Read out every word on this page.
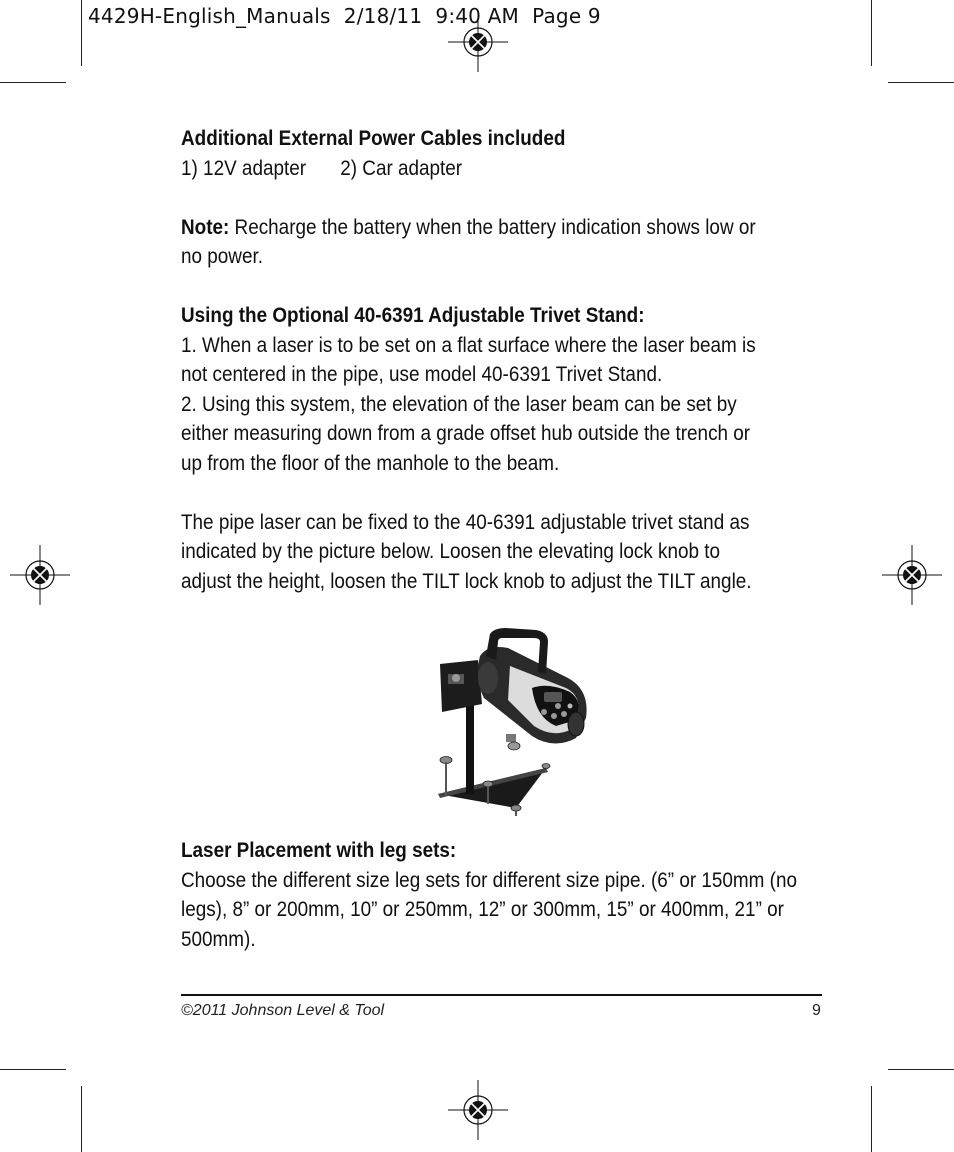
4429H-English_Manuals  2/18/11  9:40 AM  Page 9

Additional External Power Cables included

1) 12V adapter 2) Car adapter

Note: Recharge the battery when the battery indication shows low or no power.

Using the Optional 40-6391 Adjustable Trivet Stand:

1. When a laser is to be set on a flat surface where the laser beam is not centered in the pipe, use model 40-6391 Trivet Stand.

2. Using this system, the elevation of the laser beam can be set by either measuring down from a grade offset hub outside the trench or up from the floor of the manhole to the beam.

The pipe laser can be fixed to the 40-6391 adjustable trivet stand as indicated by the picture below. Loosen the elevating lock knob to adjust the height, loosen the TILT lock knob to adjust the TILT angle.

Laser Placement with leg sets:

Choose the different size leg sets for different size pipe. (6” or 150mm (no legs), 8” or 200mm, 10” or 250mm, 12” or 300mm, 15” or 400mm, 21” or 500mm).

©2011 Johnson Level & Tool	9
